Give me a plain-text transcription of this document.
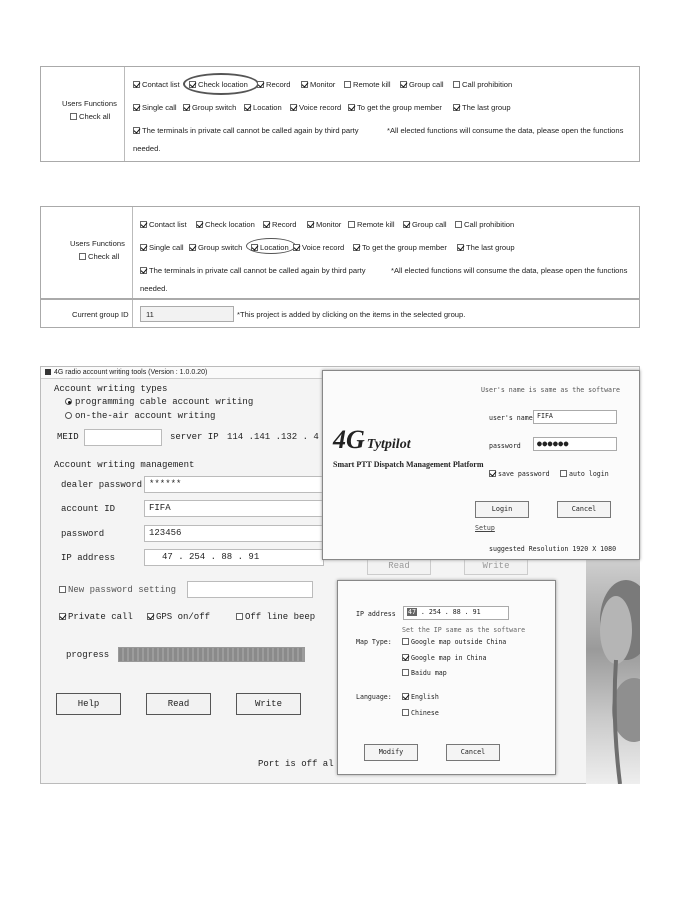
Users Functions
Check all
Contact list	Check location	Record	Monitor	Remote kill	Group call	Call prohibition
Single call	Group switch	Location	Voice record	To get the group member	The last group
The terminals in private call cannot be called again by third party	*All elected functions will consume the data, please open the functions
needed.
Users Functions
Check all
Contact list	Check location	Record	Monitor	Remote kill	Group call	Call prohibition
Single call	Group switch	Location	Voice record	To get the group member	The last group
The terminals in private call cannot be called again by third party	*All elected functions will consume the data, please open the functions
needed.
Current group ID	11	*This project is added by clicking on the items in the selected group.
4G radio account writing tools (Version : 1.0.0.20)
Account writing types
programming cable account writing
on-the-air account writing
MEID	server IP 114 .141 .132 . 4
Account writing management
dealer password ******
account ID	FIFA
password	123456
IP address	47 . 254 . 88 . 91
Read	Write
New password setting
Private call	GPS on/off	Off line beep
progress
Help	Read	Write
Port is off al
User's name is same as the software
4G Tytpilot
Smart PTT Dispatch Management Platform
user's name FIFA
password	●●●●●●
save password	auto login
Login	Cancel
Setup
suggested Resolution 1920 X 1080
IP address	47 . 254 . 88 . 91
Set the IP same as the software
Map Type:	Google map outside China
Google map in China
Baidu map
Language:	English
Chinese
Modify	Cancel
